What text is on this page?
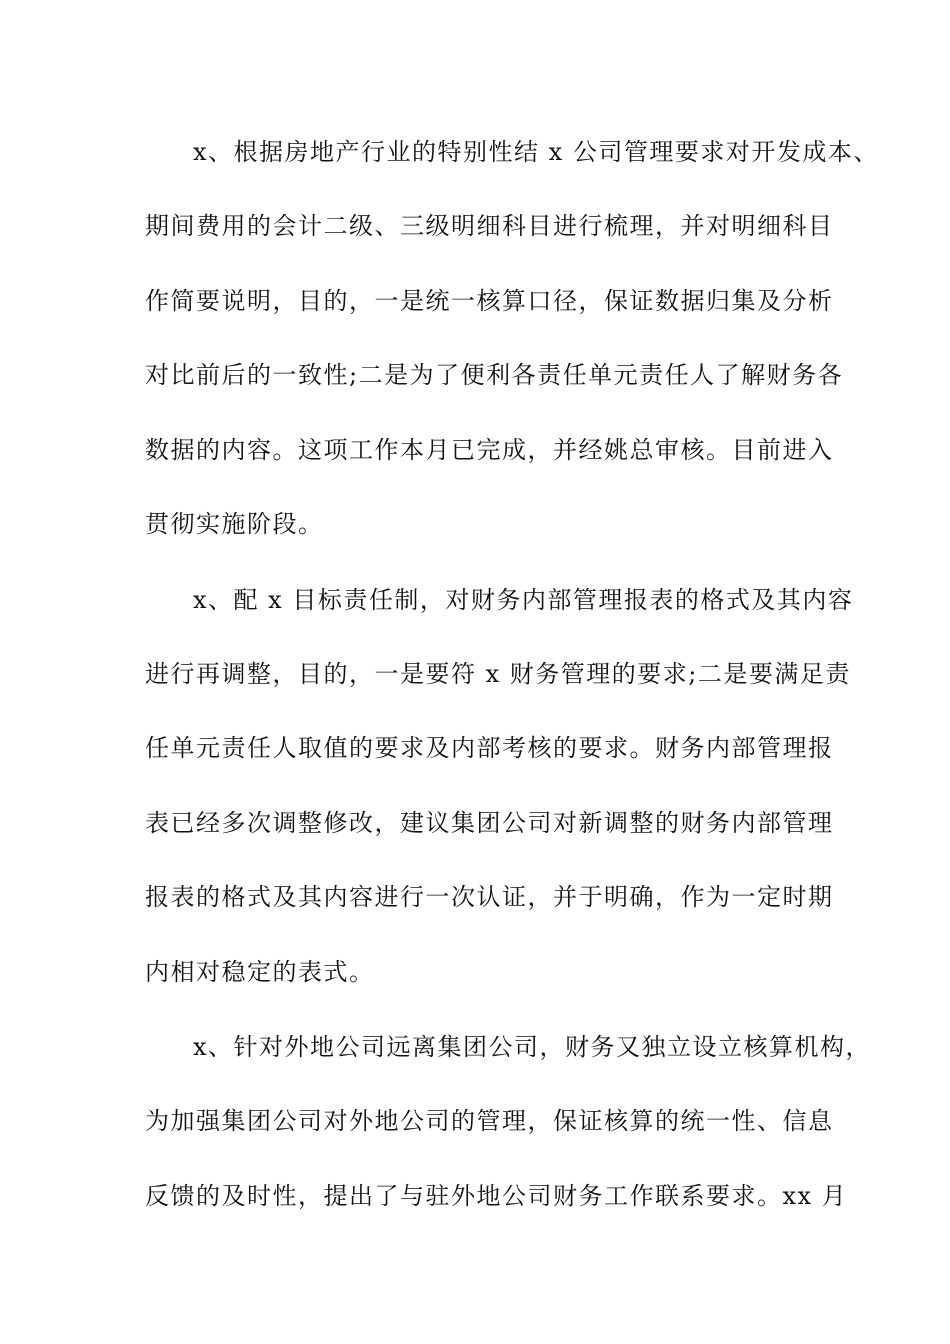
x、根据房地产行业的特别性结 x 公司管理要求对开发成本、
期间费用的会计二级、三级明细科目进行梳理，并对明细科目
作简要说明，目的，一是统一核算口径，保证数据归集及分析
对比前后的一致性;二是为了便利各责任单元责任人了解财务各
数据的内容。这项工作本月已完成，并经姚总审核。目前进入
贯彻实施阶段。
x、配 x 目标责任制，对财务内部管理报表的格式及其内容
进行再调整，目的，一是要符 x 财务管理的要求;二是要满足责
任单元责任人取值的要求及内部考核的要求。财务内部管理报
表已经多次调整修改，建议集团公司对新调整的财务内部管理
报表的格式及其内容进行一次认证，并于明确，作为一定时期
内相对稳定的表式。
x、针对外地公司远离集团公司，财务又独立设立核算机构，
为加强集团公司对外地公司的管理，保证核算的统一性、信息
反馈的及时性，提出了与驻外地公司财务工作联系要求。xx 月
